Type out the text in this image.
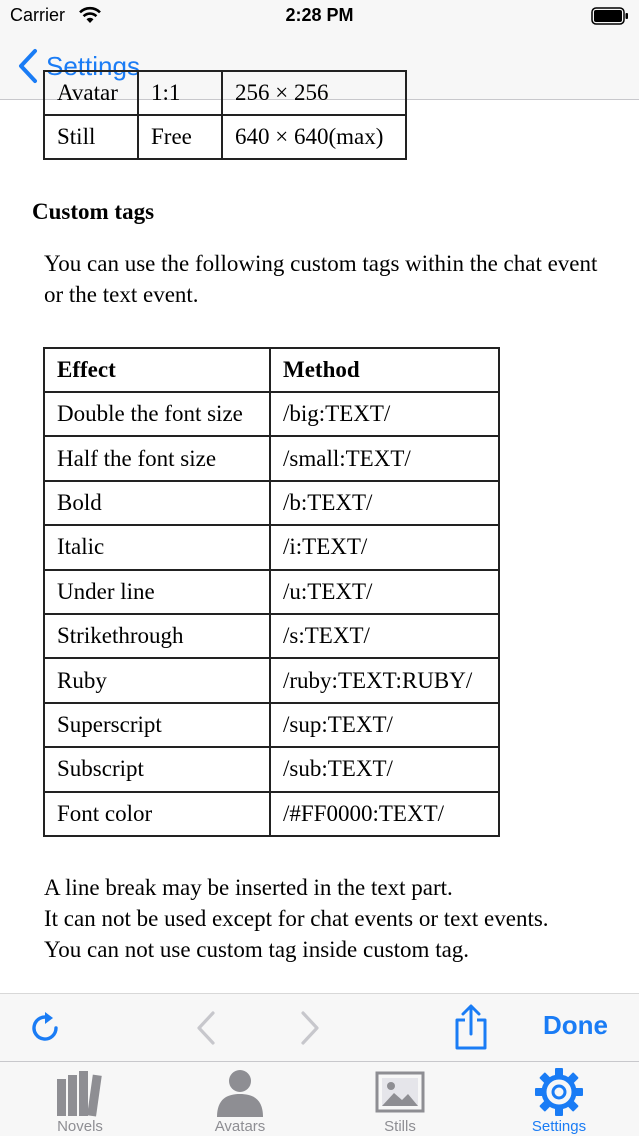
Carrier	2:28 PM
Settings
Avatar	1:1	256 × 256
Still	Free	640 × 640(max)
Custom tags
You can use the following custom tags within the chat event or the text event.
Effect	Method
Double the font size	/big:TEXT/
Half the font size	/small:TEXT/
Bold	/b:TEXT/
Italic	/i:TEXT/
Under line	/u:TEXT/
Strikethrough	/s:TEXT/
Ruby	/ruby:TEXT:RUBY/
Superscript	/sup:TEXT/
Subscript	/sub:TEXT/
Font color	/#FF0000:TEXT/
A line break may be inserted in the text part.
It can not be used except for chat events or text events.
You can not use custom tag inside custom tag.
Done
Novels	Avatars	Stills	Settings
